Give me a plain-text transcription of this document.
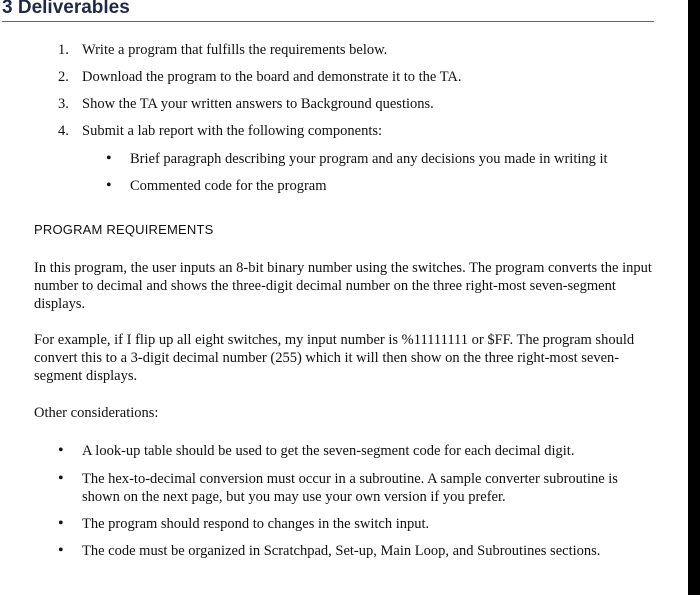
3 Deliverables
1. Write a program that fulfills the requirements below.
2. Download the program to the board and demonstrate it to the TA.
3. Show the TA your written answers to Background questions.
4. Submit a lab report with the following components:
•	Brief paragraph describing your program and any decisions you made in writing it
•	Commented code for the program
PROGRAM REQUIREMENTS

In this program, the user inputs an 8-bit binary number using the switches. The program converts the input number to decimal and shows the three-digit decimal number on the three right-most seven-segment displays.

For example, if I flip up all eight switches, my input number is %11111111 or $FF. The program should convert this to a 3-digit decimal number (255) which it will then show on the three right-most seven-segment displays.

Other considerations:

•	A look-up table should be used to get the seven-segment code for each decimal digit.
•	The hex-to-decimal conversion must occur in a subroutine. A sample converter subroutine is shown on the next page, but you may use your own version if you prefer.
•	The program should respond to changes in the switch input.
•	The code must be organized in Scratchpad, Set-up, Main Loop, and Subroutines sections.
